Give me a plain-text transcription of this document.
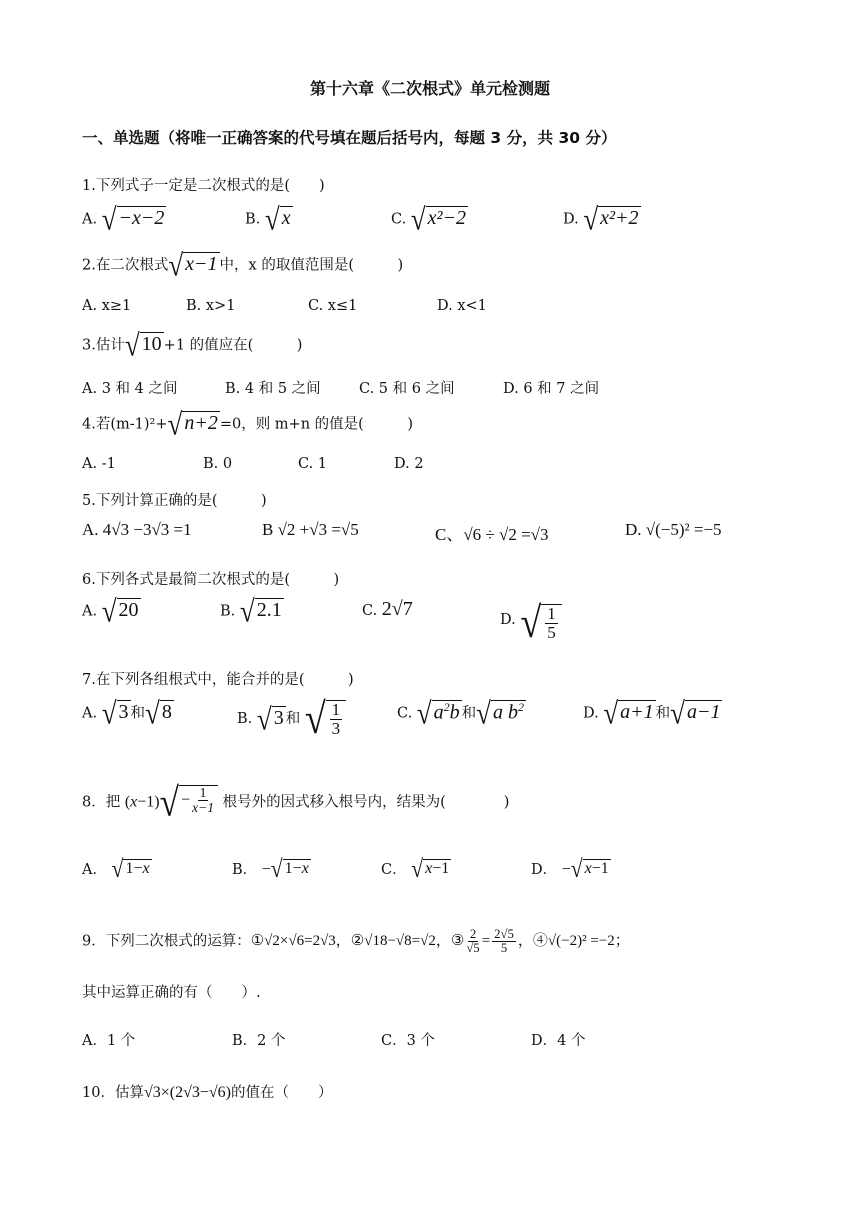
第十六章《二次根式》单元检测题
一、单选题（将唯一正确答案的代号填在题后括号内，每题 3 分，共 30 分）
1.下列式子一定是二次根式的是(　　)
A. √ −x−2	B. √ x	C. √ x²−2	D. √ x²+2
2.在二次根式 √ x−1 中，x 的取值范围是(　　　)
A. x≥1	B. x>1	C. x≤1	D. x<1
3.估计 √ 10 +1 的值应在(　　　)
A. 3 和 4 之间	B. 4 和 5 之间	C. 5 和 6 之间	D. 6 和 7 之间
4.若(m-1)²+ √ n+2 =0，则 m+n 的值是(　　　)
A. -1	B. 0	C. 1	D. 2
5.下列计算正确的是(　　　)
A. 4√3 −3√3 =1	B √2 +√3 =√5	C、√6 ÷ √2 =√3	D. √(−5)² =−5
6.下列各式是最简二次根式的是(　　　)
A. √ 20	B. √ 2.1	C. 2√7	D. √ $\frac{1}{5}$
7.在下列各组根式中，能合并的是(　　　)
A. √ 3 和 √ 8	B. √ 3 和 √ $\frac{1}{3}$	C. √ $a^2b$ 和 √ a $b^2$	D. √ a+1 和 √ a−1
8．把 (x−1) √ − $\frac{1}{x-1}$ 根号外的因式移入根号内，结果为(　　　　)
A． √ 1−x	B． − √ 1−x	C． √ x−1	D． − √ x−1
9．下列二次根式的运算：①√2×√6=2√3，②√18−√8=√2，③ $\frac{2}{√5} = \frac{2√5}{5}$ ，④√(−2)² =−2；
其中运算正确的有（　　）.
A．1 个	B．2 个	C．3 个	D．4 个
10．估算√3×(2√3−√6)的值在（　　）
